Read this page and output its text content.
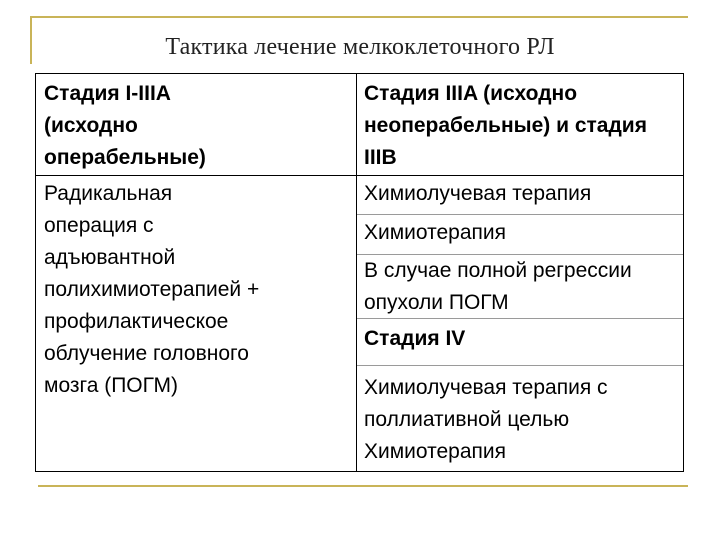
Тактика лечение мелкоклеточного РЛ
Стадия I-IIIA
(исходно
операбельные)
Стадия IIIA (исходно
неоперабельные) и стадия
IIIB
Радикальная
операция с
адъювантной
полихимиотерапией +
профилактическое
облучение головного
мозга (ПОГМ)
Химиолучевая терапия
Химиотерапия
В случае полной регрессии
опухоли ПОГМ
Стадия IV
Химиолучевая терапия с
поллиативной целью
Химиотерапия
